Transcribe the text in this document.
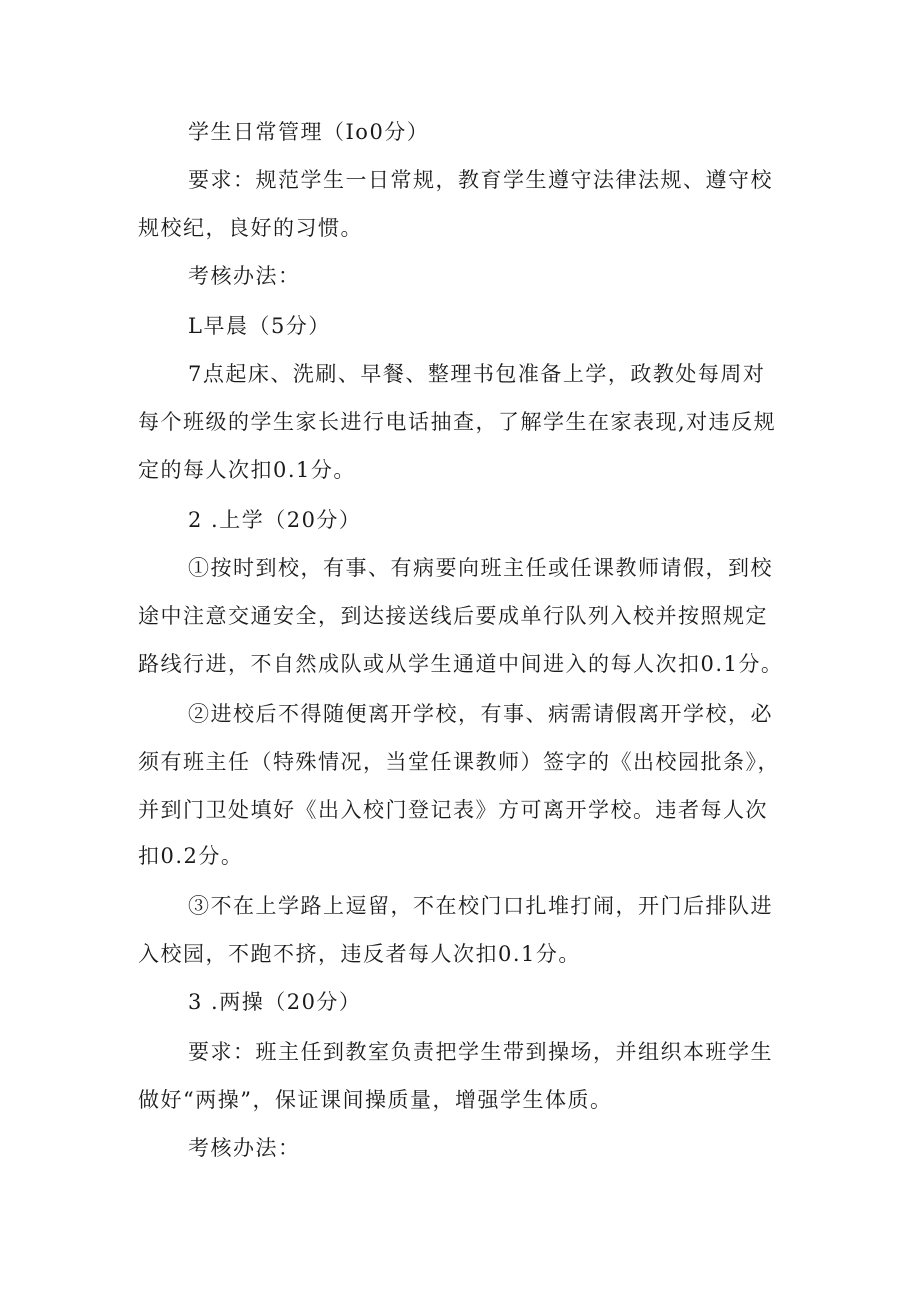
学生日常管理（Io0分）

要求：规范学生一日常规，教育学生遵守法律法规、遵守校

规校纪，良好的习惯。

考核办法：

L早晨（5分）

7点起床、洗刷、早餐、整理书包准备上学，政教处每周对

每个班级的学生家长进行电话抽查，了解学生在家表现,对违反规

定的每人次扣0.1分。

2 .上学（20分）

①按时到校，有事、有病要向班主任或任课教师请假，到校

途中注意交通安全，到达接送线后要成单行队列入校并按照规定

路线行进，不自然成队或从学生通道中间进入的每人次扣0.1分。

②进校后不得随便离开学校，有事、病需请假离开学校，必

须有班主任（特殊情况，当堂任课教师）签字的《出校园批条》，

并到门卫处填好《出入校门登记表》方可离开学校。违者每人次

扣0.2分。

③不在上学路上逗留，不在校门口扎堆打闹，开门后排队进

入校园，不跑不挤，违反者每人次扣0.1分。

3 .两操（20分）

要求：班主任到教室负责把学生带到操场，并组织本班学生

做好“两操”，保证课间操质量，增强学生体质。

考核办法：
